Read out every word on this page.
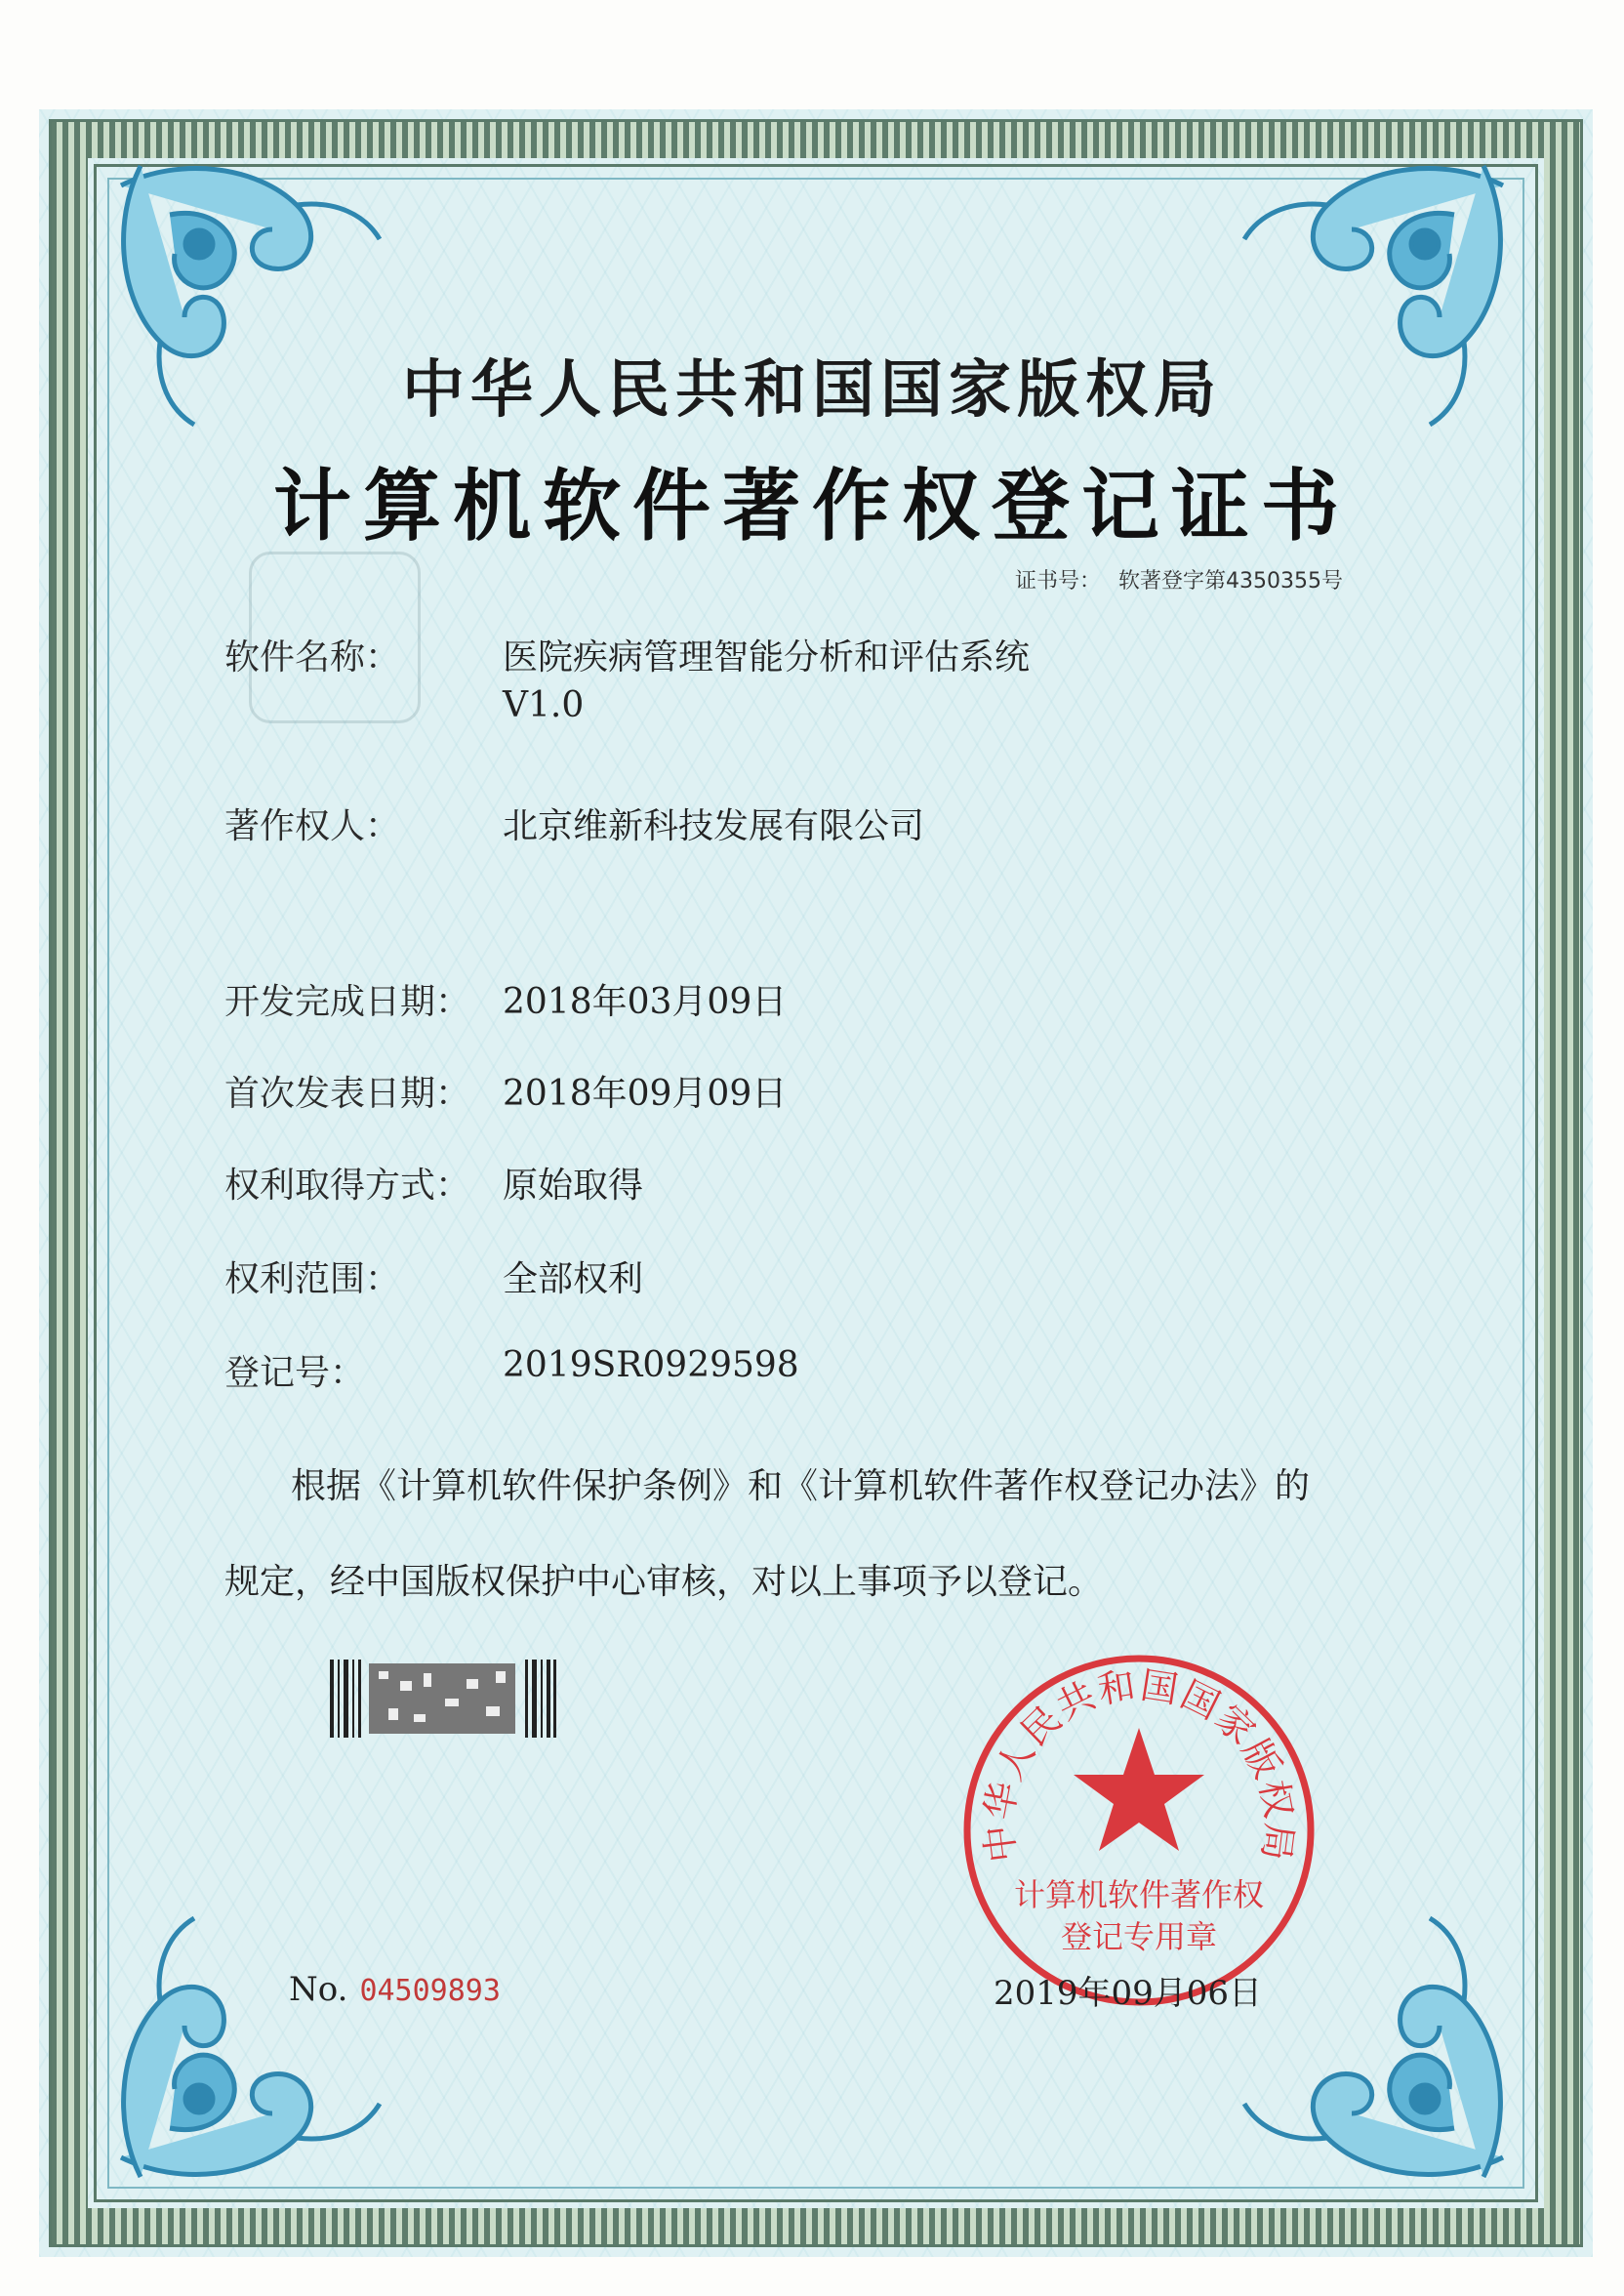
中华人民共和国国家版权局
计算机软件著作权登记证书
证书号： 软著登字第4350355号
软件名称：	医院疾病管理智能分析和评估系统
V1.0
著作权人：	北京维新科技发展有限公司
开发完成日期： 2018年03月09日
首次发表日期： 2018年09月09日
权利取得方式： 原始取得
权利范围：	全部权利
登记号：	2019SR0929598
根据《计算机软件保护条例》和《计算机软件著作权登记办法》的
规定，经中国版权保护中心审核，对以上事项予以登记。
No. 04509893
中华人民共和国国家版权局
计算机软件著作权
登记专用章
2019年09月06日
